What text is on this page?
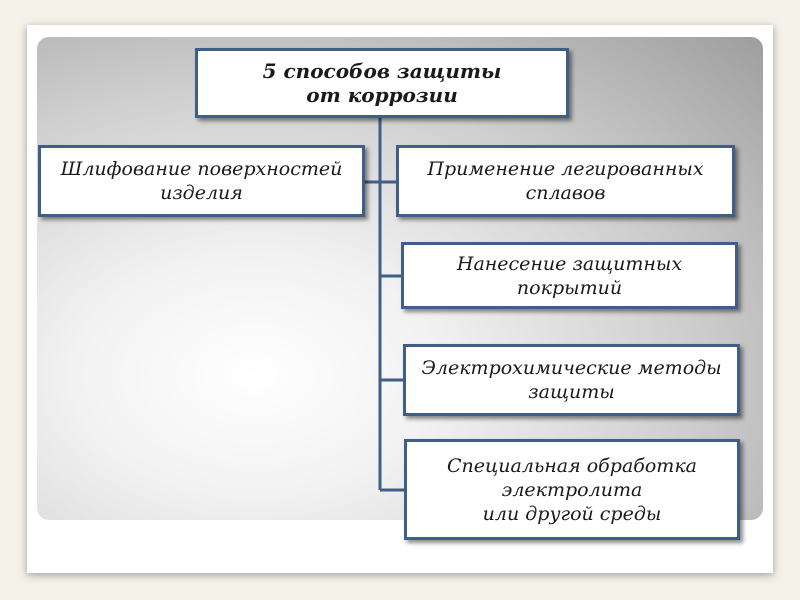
5 способов защиты
от коррозии
Шлифование поверхностей
изделия
Применение легированных
сплавов
Нанесение защитных
покрытий
Электрохимические методы
защиты
Специальная обработка
электролита
или другой среды
